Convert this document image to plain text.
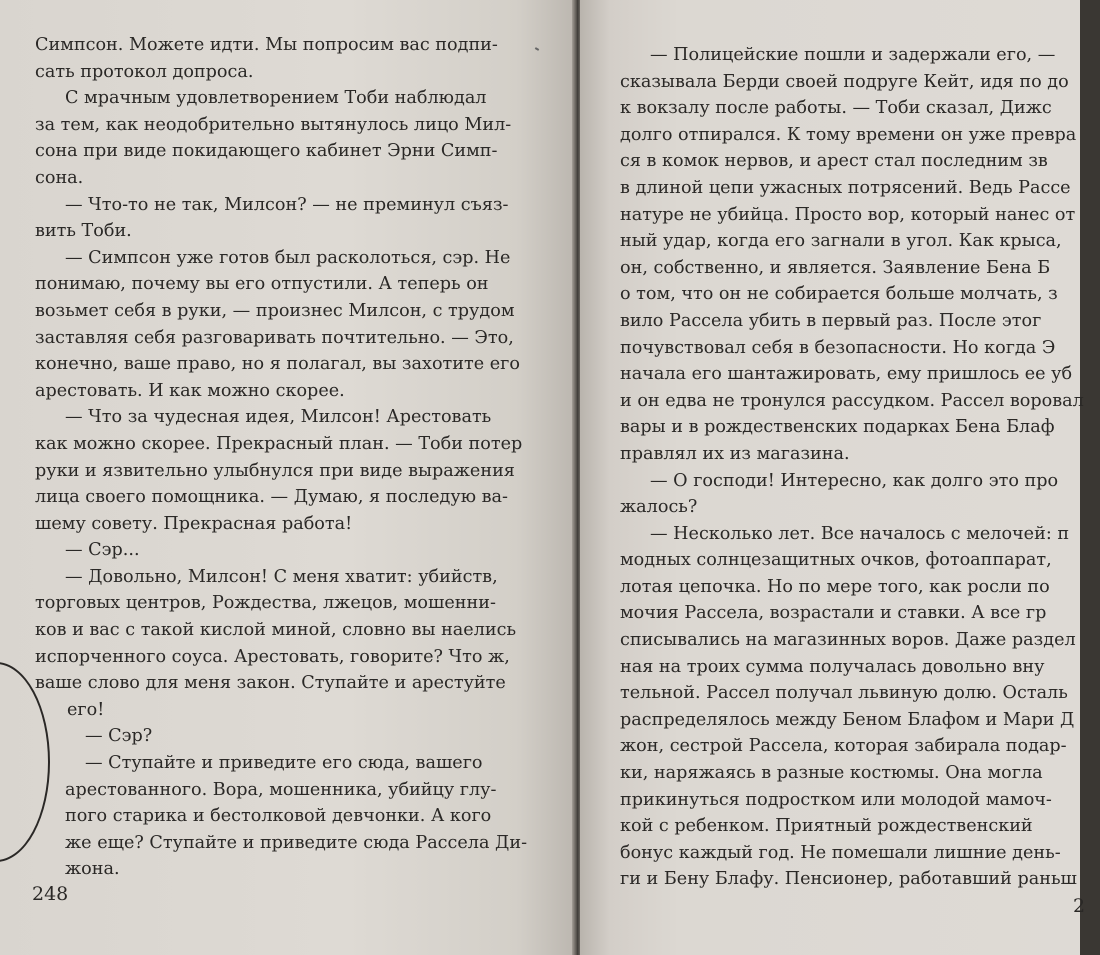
Симпсон. Можете идти. Мы попросим вас подпи-
сать протокол допроса.
С мрачным удовлетворением Тоби наблюдал
за тем, как неодобрительно вытянулось лицо Мил-
сона при виде покидающего кабинет Эрни Симп-
сона.
— Что-то не так, Милсон? — не преминул съяз-
вить Тоби.
— Симпсон уже готов был расколоться, сэр. Не
понимаю, почему вы его отпустили. А теперь он
возьмет себя в руки, — произнес Милсон, с трудом
заставляя себя разговаривать почтительно. — Это,
конечно, ваше право, но я полагал, вы захотите его
арестовать. И как можно скорее.
— Что за чудесная идея, Милсон! Арестовать
как можно скорее. Прекрасный план. — Тоби потер
руки и язвительно улыбнулся при виде выражения
лица своего помощника. — Думаю, я последую ва-
шему совету. Прекрасная работа!
— Сэр...
— Довольно, Милсон! С меня хватит: убийств,
торговых центров, Рождества, лжецов, мошенни-
ков и вас с такой кислой миной, словно вы наелись
испорченного соуса. Арестовать, говорите? Что ж,
ваше слово для меня закон. Ступайте и арестуйте
его!
— Сэр?
— Ступайте и приведите его сюда, вашего
арестованного. Вора, мошенника, убийцу глу-
пого старика и бестолковой девчонки. А кого
же еще? Ступайте и приведите сюда Рассела Ди-
жона.
248
— Полицейские пошли и задержали его, —
сказывала Берди своей подруге Кейт, идя по до
к вокзалу после работы. — Тоби сказал, Дижс
долго отпирался. К тому времени он уже превра
ся в комок нервов, и арест стал последним зв
в длиной цепи ужасных потрясений. Ведь Рассе
натуре не убийца. Просто вор, который нанес от
ный удар, когда его загнали в угол. Как крыса,
он, собственно, и является. Заявление Бена Б
о том, что он не собирается больше молчать, з
вило Рассела убить в первый раз. После этог
почувствовал себя в безопасности. Но когда Э
начала его шантажировать, ему пришлось ее уб
и он едва не тронулся рассудком. Рассел воровал
вары и в рождественских подарках Бена Блаф
правлял их из магазина.
— О господи! Интересно, как долго это про
жалось?
— Несколько лет. Все началось с мелочей: п
модных солнцезащитных очков, фотоаппарат,
лотая цепочка. Но по мере того, как росли по
мочия Рассела, возрастали и ставки. А все гр
списывались на магазинных воров. Даже раздел
ная на троих сумма получалась довольно вну
тельной. Рассел получал львиную долю. Осталь
распределялось между Беном Блафом и Мари Д
жон, сестрой Рассела, которая забирала подар-
ки, наряжаясь в разные костюмы. Она могла
прикинуться подростком или молодой мамоч-
кой с ребенком. Приятный рождественский
бонус каждый год. Не помешали лишние день-
ги и Бену Блафу. Пенсионер, работавший раньш
2
